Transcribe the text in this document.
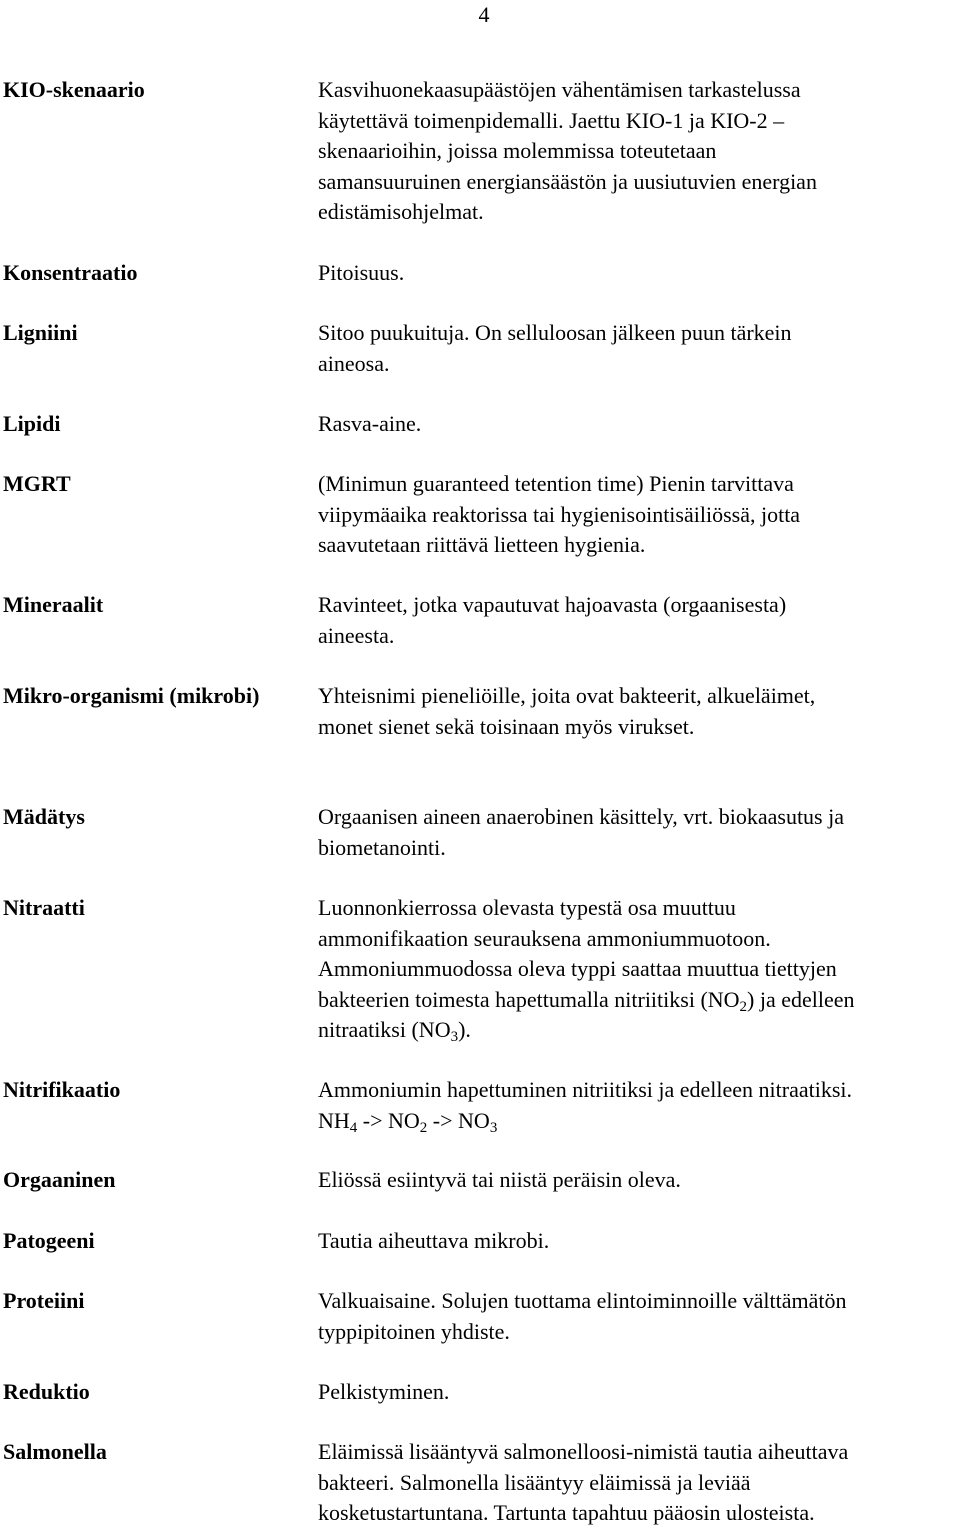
4
KIO-skenaario	Kasvihuonekaasupäästöjen vähentämisen tarkastelussa
käytettävä toimenpidemalli. Jaettu KIO-1 ja KIO-2 –
skenaarioihin, joissa molemmissa toteutetaan
samansuuruinen energiansäästön ja uusiutuvien energian
edistämisohjelmat.
Konsentraatio	Pitoisuus.
Ligniini	Sitoo puukuituja. On selluloosan jälkeen puun tärkein
aineosa.
Lipidi	Rasva-aine.
MGRT	(Minimun guaranteed tetention time) Pienin tarvittava
viipymäaika reaktorissa tai hygienisointisäiliössä, jotta
saavutetaan riittävä lietteen hygienia.
Mineraalit	Ravinteet, jotka vapautuvat hajoavasta (orgaanisesta)
aineesta.
Mikro-organismi (mikrobi)	Yhteisnimi pieneliöille, joita ovat bakteerit, alkueläimet,
monet sienet sekä toisinaan myös virukset.
Mädätys	Orgaanisen aineen anaerobinen käsittely, vrt. biokaasutus ja
biometanointi.
Nitraatti	Luonnonkierrossa olevasta typestä osa muuttuu
ammonifikaation seurauksena ammoniummuotoon.
Ammoniummuodossa oleva typpi saattaa muuttua tiettyjen
bakteerien toimesta hapettumalla nitriitiksi $(NO_2)$ ja edelleen
nitraatiksi $(NO_3)$.
Nitrifikaatio	Ammoniumin hapettuminen nitriitiksi ja edelleen nitraatiksi.
$NH_4 -> NO_2 -> NO_3$
Orgaaninen	Eliössä esiintyvä tai niistä peräisin oleva.
Patogeeni	Tautia aiheuttava mikrobi.
Proteiini	Valkuaisaine. Solujen tuottama elintoiminnoille välttämätön
typpipitoinen yhdiste.
Reduktio	Pelkistyminen.
Salmonella	Eläimissä lisääntyvä salmonelloosi-nimistä tautia aiheuttava
bakteeri. Salmonella lisääntyy eläimissä ja leviää
kosketustartuntana. Tartunta tapahtuu pääosin ulosteista.
